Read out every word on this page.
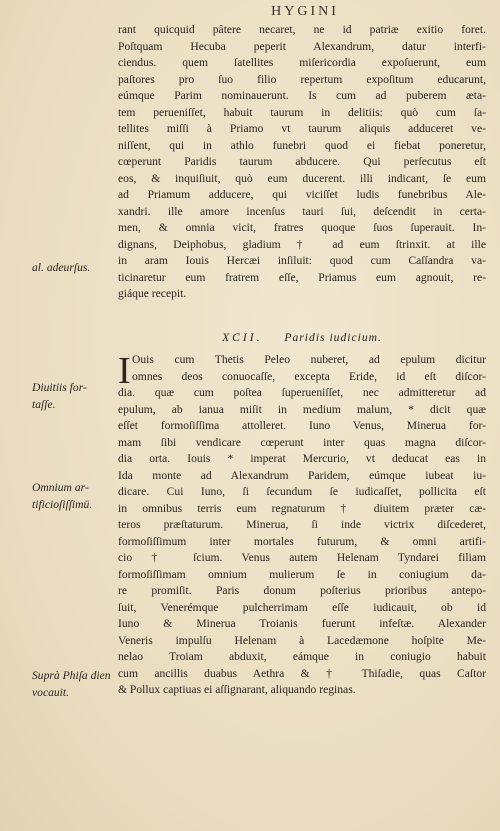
HYGINI
rant quicquid pâtere necaret, ne id patriæ exitio foret.
Poſtquam Hecuba peperit Alexandrum, datur interfi-
ciendus. quem ſatellites miſericordia expoſuerunt, eum
paſtores pro ſuo filio repertum expoſitum educarunt,
eúmque Parim nominauerunt. Is cum ad puberem æta-
tem perueniſſet, habuit taurum in delitiis: quò cum ſa-
tellites miſſi à Priamo vt taurum aliquis adduceret ve-
niſſent, qui in athlo funebri quod ei fiebat poneretur,
cœperunt Paridis taurum abducere. Qui perſecutus eſt
eos, & inquiſiuit, quò eum ducerent. illi indicant, ſe eum
ad Priamum adducere, qui viciſſet ludis funebribus Ale-
xandri. ille amore incenſus tauri ſui, deſcendit in certa-
men, & omnia vicit, fratres quoque ſuos ſuperauit. In-
dignans, Deiphobus, gladium † ad eum ſtrinxit. at ille
in aram Iouis Hercæi inſiluit: quod cum Caſſandra va-
ticinaretur eum fratrem eſſe, Priamus eum agnouit, re-
giáque recepit.
XCII. Paridis iudicium.
I Ouis cum Thetis Peleo nuberet, ad epulum dicitur
omnes deos conuocaſſe, excepta Eride, id eſt diſcor-
dia. quæ cum poſtea ſuperueniſſet, nec admitteretur ad
epulum, ab ianua miſit in medium malum, * dicit quæ
eſſet formoſiſſima attolleret. Iuno Venus, Minerua for-
mam ſibi vendicare cœperunt inter quas magna diſcor-
dia orta. Iouis * imperat Mercurio, vt deducat eas in
Ida monte ad Alexandrum Paridem, eúmque iubeat iu-
dicare. Cui Iuno, ſi ſecundum ſe iudicaſſet, pollicita eſt
in omnibus terris eum regnaturum † diuitem præter cæ-
teros præſtaturum. Minerua, ſi inde victrix diſcederet,
formoſiſſimum inter mortales futurum, & omni artifi-
cio † ſcium. Venus autem Helenam Tyndarei filiam
formoſiſſimam omnium mulierum ſe in coniugium da-
re promiſit. Paris donum poſterius prioribus antepo-
ſuit, Venerémque pulcherrimam eſſe iudicauit, ob id
Iuno & Minerua Troianis fuerunt infeſtæ. Alexander
Veneris impulſu Helenam à Lacedæmone hoſpite Me-
nelao Troiam abduxit, eámque in coniugio habuit
cum ancillis duabus Aethra & † Thiſadie, quas Caſtor
& Pollux captiuas ei aſſignarant, aliquando reginas.
al. adeurſus.
Diuitiis for-
taſſe.
Omnium ar-
tificioſiſſimü.
Suprà Phiſa dien vocauit.
